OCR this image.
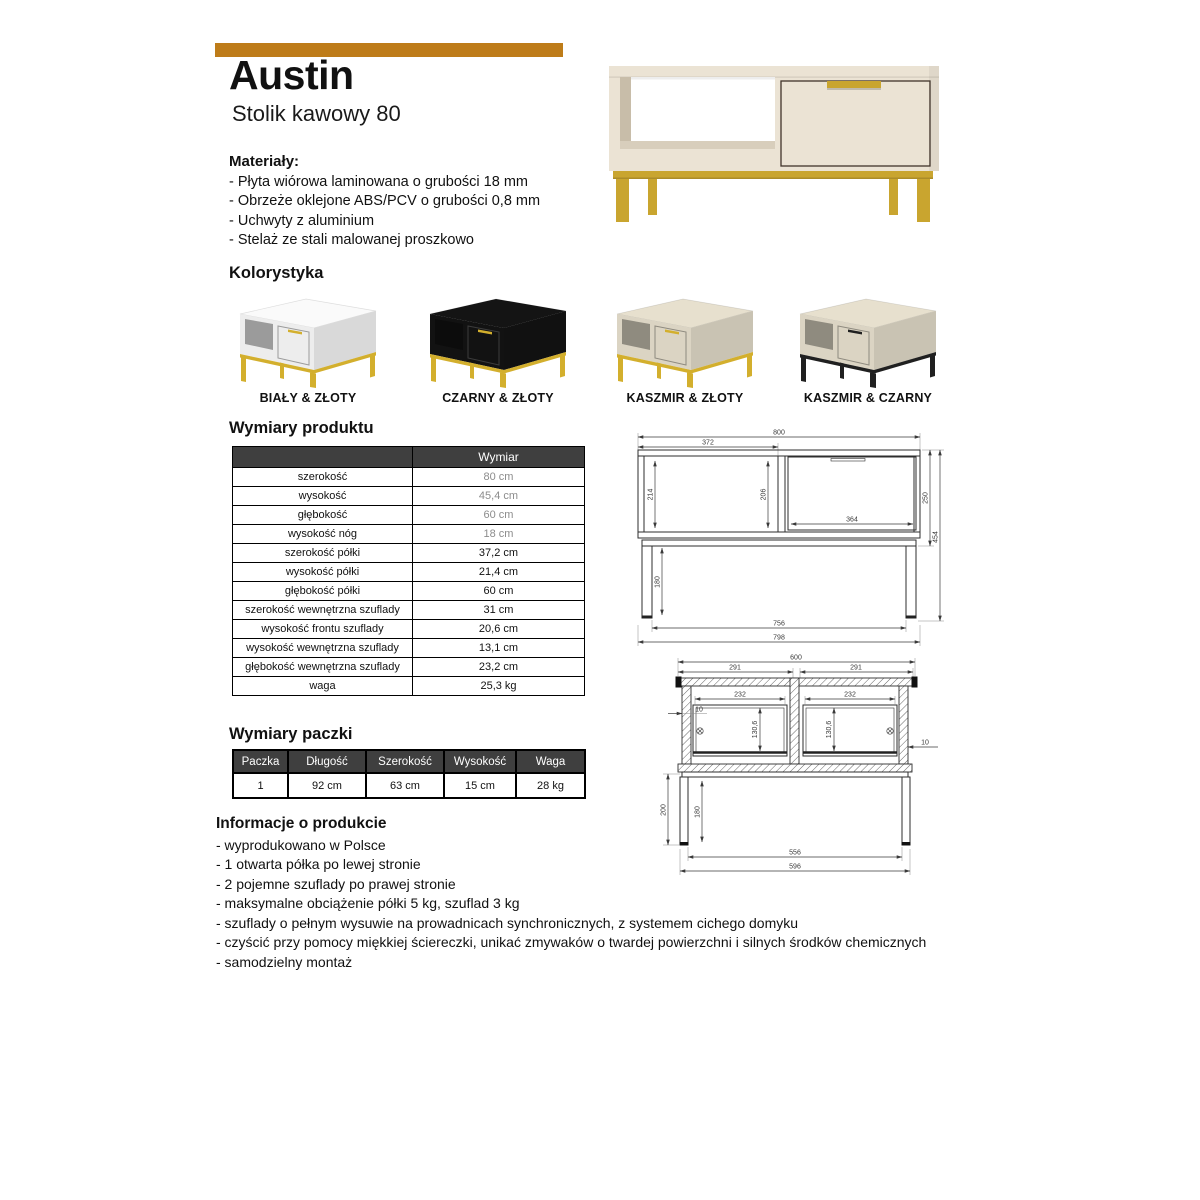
Austin
Stolik kawowy 80
Materiały:
- Płyta wiórowa laminowana o grubości 18 mm
- Obrzeże oklejone ABS/PCV o grubości 0,8 mm
- Uchwyty z aluminium
- Stelaż ze stali malowanej proszkowo
Kolorystyka
BIAŁY & ZŁOTY	CZARNY & ZŁOTY	KASZMIR & ZŁOTY	KASZMIR & CZARNY
Wymiary produktu
	Wymiar
szerokość	80 cm
wysokość	45,4 cm
głębokość	60 cm
wysokość nóg	18 cm
szerokość półki	37,2 cm
wysokość półki	21,4 cm
głębokość półki	60 cm
szerokość wewnętrzna szuflady	31 cm
wysokość frontu szuflady	20,6 cm
wysokość wewnętrzna szuflady	13,1 cm
głębokość wewnętrzna szuflady	23,2 cm
waga	25,3 kg
800
372
214	206
364
250
454
180
756
798
600
291	291
232
130,6
10
232
130,6
10
200	180
556
596
Wymiary paczki
Paczka	Długość	Szerokość	Wysokość	Waga
1	92 cm	63 cm	15 cm	28 kg
Informacje o produkcie
- wyprodukowano w Polsce
- 1 otwarta półka po lewej stronie
- 2 pojemne szuflady po prawej stronie
- maksymalne obciążenie półki 5 kg, szuflad 3 kg
- szuflady o pełnym wysuwie na prowadnicach synchronicznych, z systemem cichego domyku
- czyścić przy pomocy miękkiej ściereczki, unikać zmywaków o twardej powierzchni i silnych środków chemicznych
- samodzielny montaż
